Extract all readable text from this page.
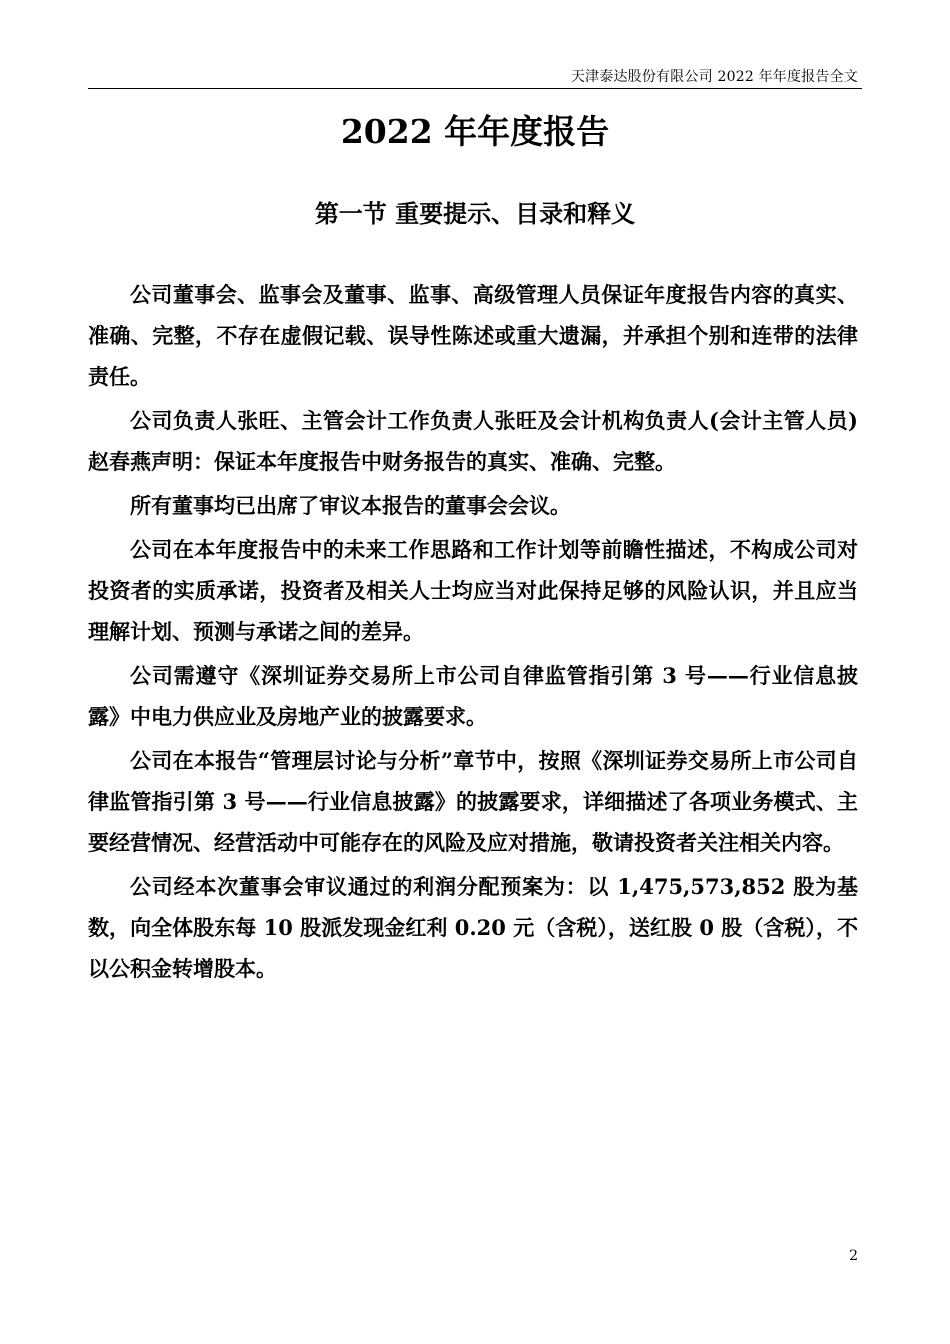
天津泰达股份有限公司 2022 年年度报告全文
2022 年年度报告
第一节 重要提示、目录和释义

公司董事会、监事会及董事、监事、高级管理人员保证年度报告内容的真实、准确、完整，不存在虚假记载、误导性陈述或重大遗漏，并承担个别和连带的法律责任。

公司负责人张旺、主管会计工作负责人张旺及会计机构负责人(会计主管人员)赵春燕声明：保证本年度报告中财务报告的真实、准确、完整。

所有董事均已出席了审议本报告的董事会会议。

公司在本年度报告中的未来工作思路和工作计划等前瞻性描述，不构成公司对投资者的实质承诺，投资者及相关人士均应当对此保持足够的风险认识，并且应当理解计划、预测与承诺之间的差异。

公司需遵守《深圳证券交易所上市公司自律监管指引第 3 号——行业信息披露》中电力供应业及房地产业的披露要求。

公司在本报告“管理层讨论与分析”章节中，按照《深圳证券交易所上市公司自律监管指引第 3 号——行业信息披露》的披露要求，详细描述了各项业务模式、主要经营情况、经营活动中可能存在的风险及应对措施，敬请投资者关注相关内容。

公司经本次董事会审议通过的利润分配预案为：以 1,475,573,852 股为基数，向全体股东每 10 股派发现金红利 0.20 元（含税），送红股 0 股（含税），不以公积金转增股本。

2
